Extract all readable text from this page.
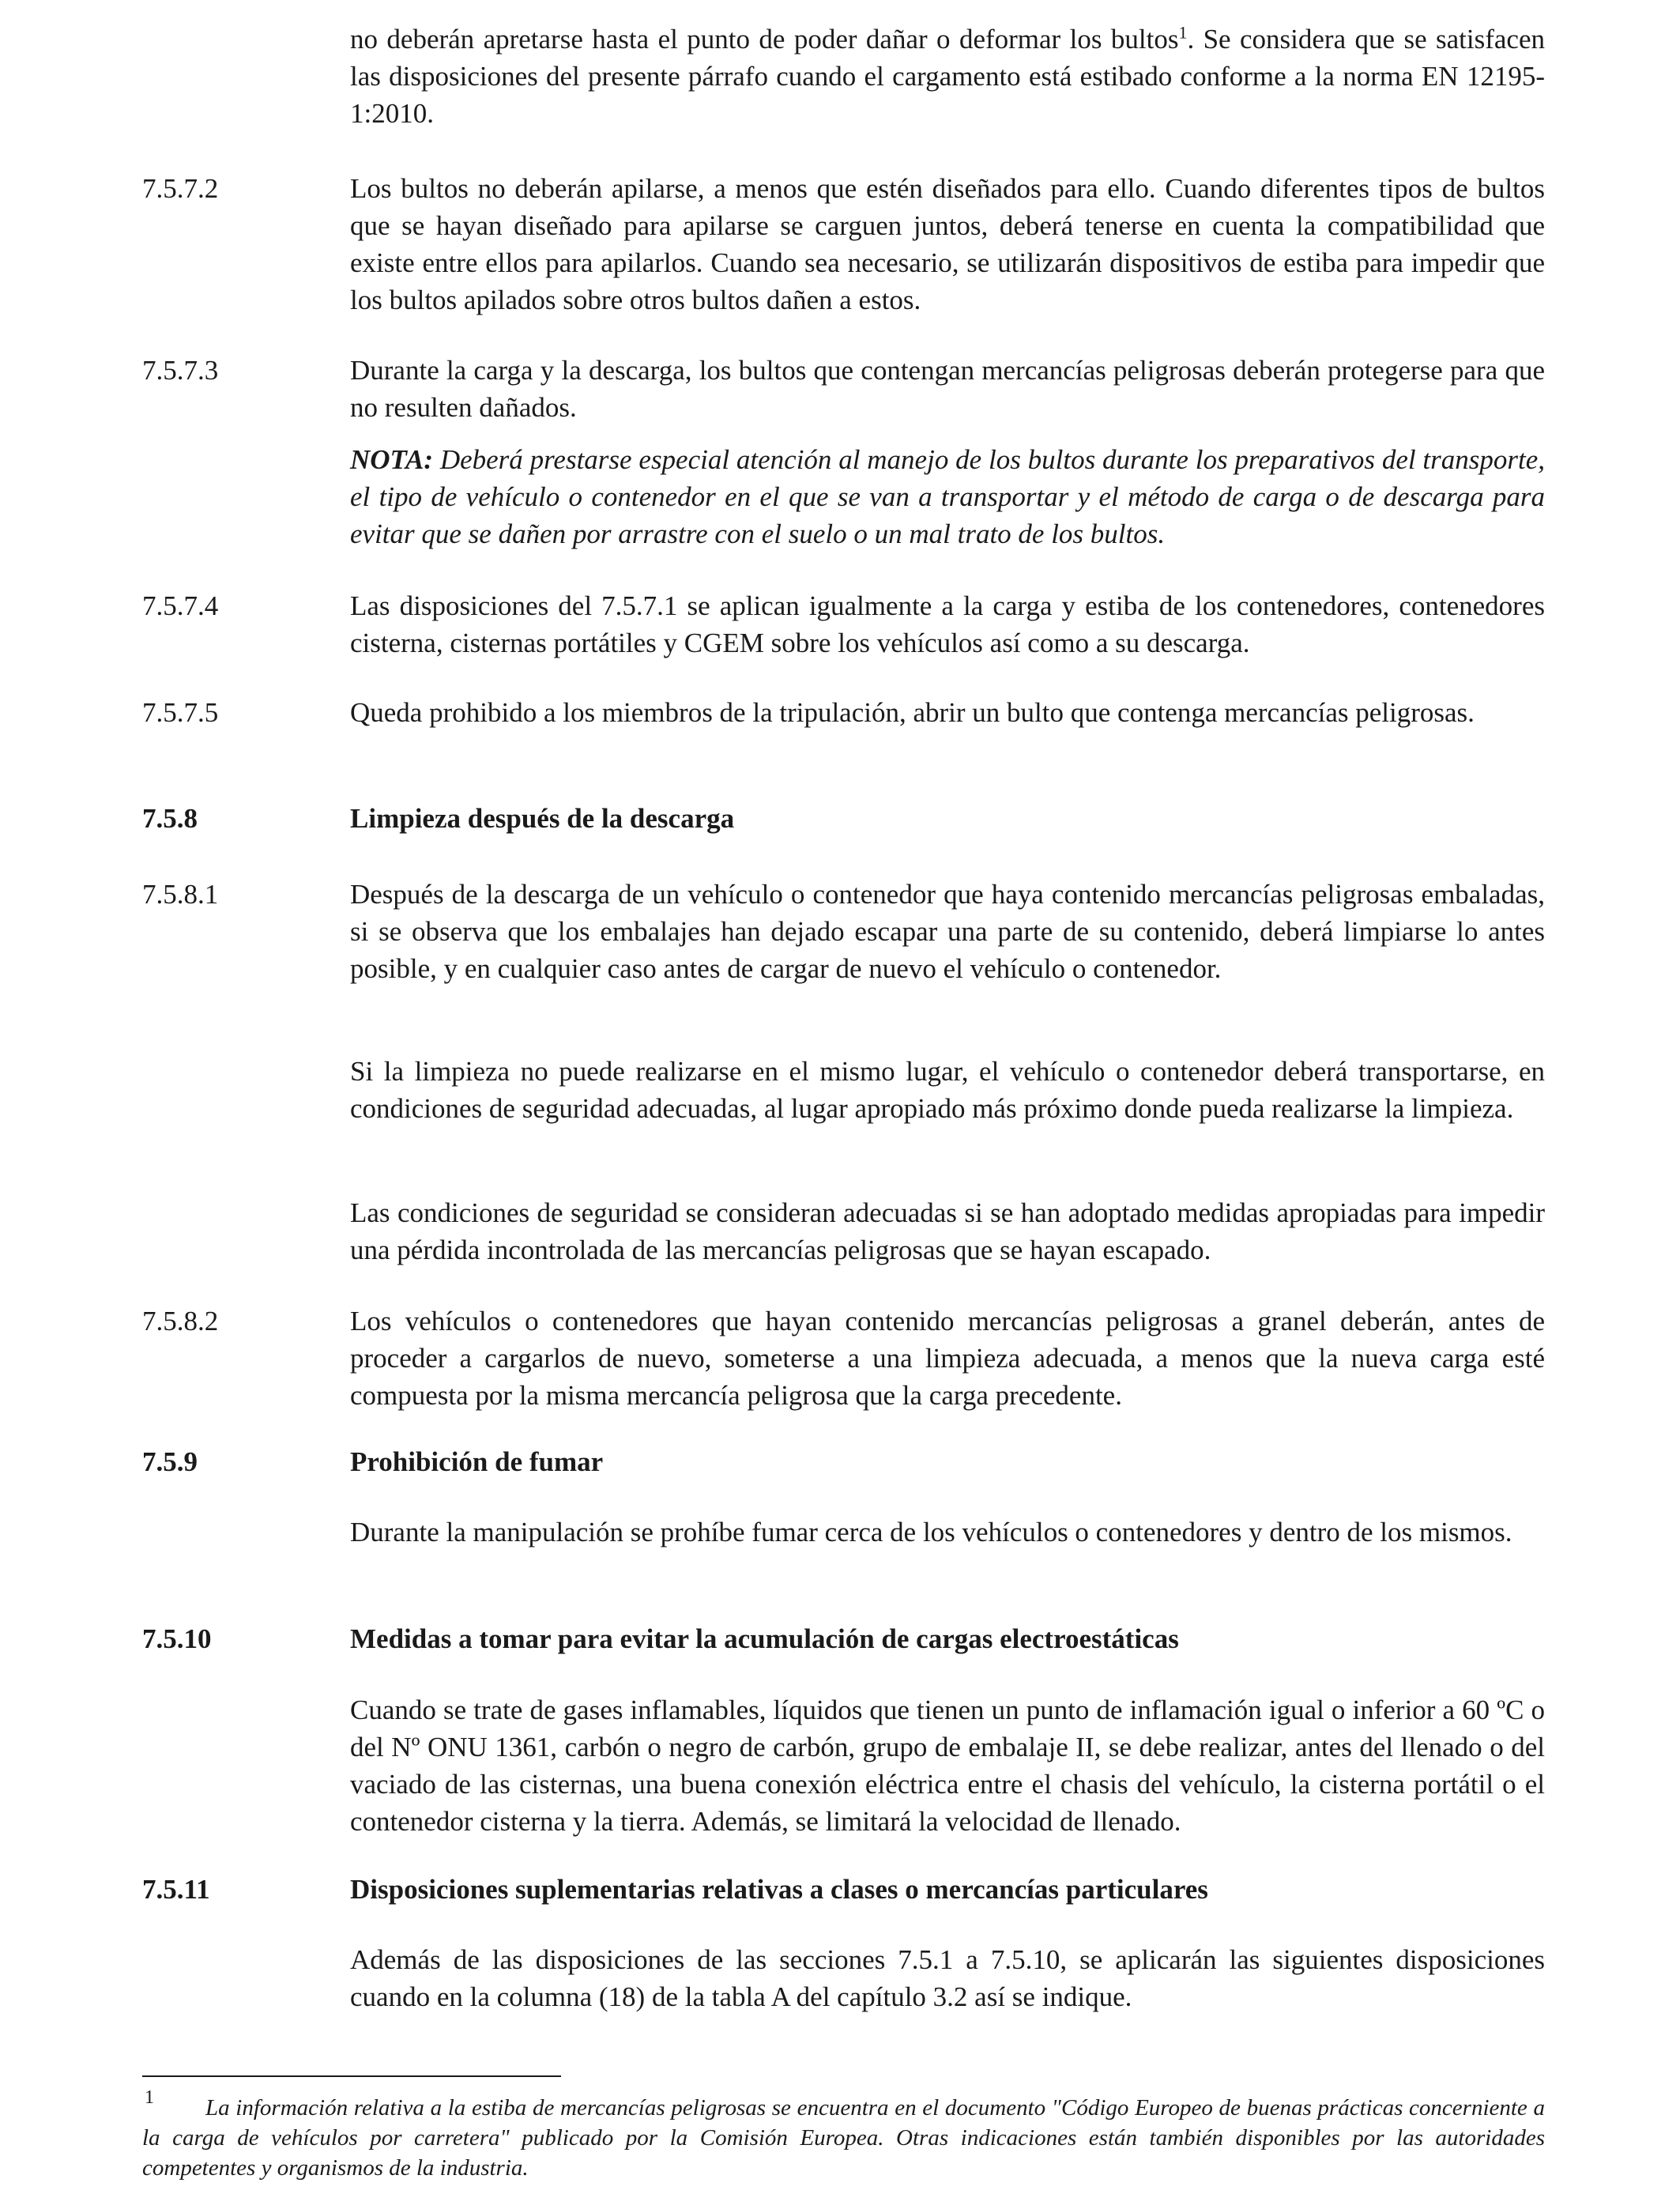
no deberán apretarse hasta el punto de poder dañar o deformar los bultos$^1$. Se considera que se satisfacen las disposiciones del presente párrafo cuando el cargamento está estibado conforme a la norma EN 12195-1:2010.

7.5.7.2	Los bultos no deberán apilarse, a menos que estén diseñados para ello. Cuando diferentes tipos de bultos que se hayan diseñado para apilarse se carguen juntos, deberá tenerse en cuenta la compatibilidad que existe entre ellos para apilarlos. Cuando sea necesario, se utilizarán dispositivos de estiba para impedir que los bultos apilados sobre otros bultos dañen a estos.

7.5.7.3	Durante la carga y la descarga, los bultos que contengan mercancías peligrosas deberán protegerse para que no resulten dañados.

NOTA: Deberá prestarse especial atención al manejo de los bultos durante los preparativos del transporte, el tipo de vehículo o contenedor en el que se van a transportar y el método de carga o de descarga para evitar que se dañen por arrastre con el suelo o un mal trato de los bultos.

7.5.7.4	Las disposiciones del 7.5.7.1 se aplican igualmente a la carga y estiba de los contenedores, contenedores cisterna, cisternas portátiles y CGEM sobre los vehículos así como a su descarga.

7.5.7.5	Queda prohibido a los miembros de la tripulación, abrir un bulto que contenga mercancías peligrosas.

7.5.8	Limpieza después de la descarga

7.5.8.1	Después de la descarga de un vehículo o contenedor que haya contenido mercancías peligrosas embaladas, si se observa que los embalajes han dejado escapar una parte de su contenido, deberá limpiarse lo antes posible, y en cualquier caso antes de cargar de nuevo el vehículo o contenedor.

Si la limpieza no puede realizarse en el mismo lugar, el vehículo o contenedor deberá transportarse, en condiciones de seguridad adecuadas, al lugar apropiado más próximo donde pueda realizarse la limpieza.

Las condiciones de seguridad se consideran adecuadas si se han adoptado medidas apropiadas para impedir una pérdida incontrolada de las mercancías peligrosas que se hayan escapado.

7.5.8.2	Los vehículos o contenedores que hayan contenido mercancías peligrosas a granel deberán, antes de proceder a cargarlos de nuevo, someterse a una limpieza adecuada, a menos que la nueva carga esté compuesta por la misma mercancía peligrosa que la carga precedente.

7.5.9	Prohibición de fumar

Durante la manipulación se prohíbe fumar cerca de los vehículos o contenedores y dentro de los mismos.

7.5.10	Medidas a tomar para evitar la acumulación de cargas electroestáticas

Cuando se trate de gases inflamables, líquidos que tienen un punto de inflamación igual o inferior a 60 ºC o del Nº ONU 1361, carbón o negro de carbón, grupo de embalaje II, se debe realizar, antes del llenado o del vaciado de las cisternas, una buena conexión eléctrica entre el chasis del vehículo, la cisterna portátil o el contenedor cisterna y la tierra. Además, se limitará la velocidad de llenado.

7.5.11	Disposiciones suplementarias relativas a clases o mercancías particulares

Además de las disposiciones de las secciones 7.5.1 a 7.5.10, se aplicarán las siguientes disposiciones cuando en la columna (18) de la tabla A del capítulo 3.2 así se indique.

1	La información relativa a la estiba de mercancías peligrosas se encuentra en el documento "Código Europeo de buenas prácticas concerniente a la carga de vehículos por carretera" publicado por la Comisión Europea. Otras indicaciones están también disponibles por las autoridades competentes y organismos de la industria.
